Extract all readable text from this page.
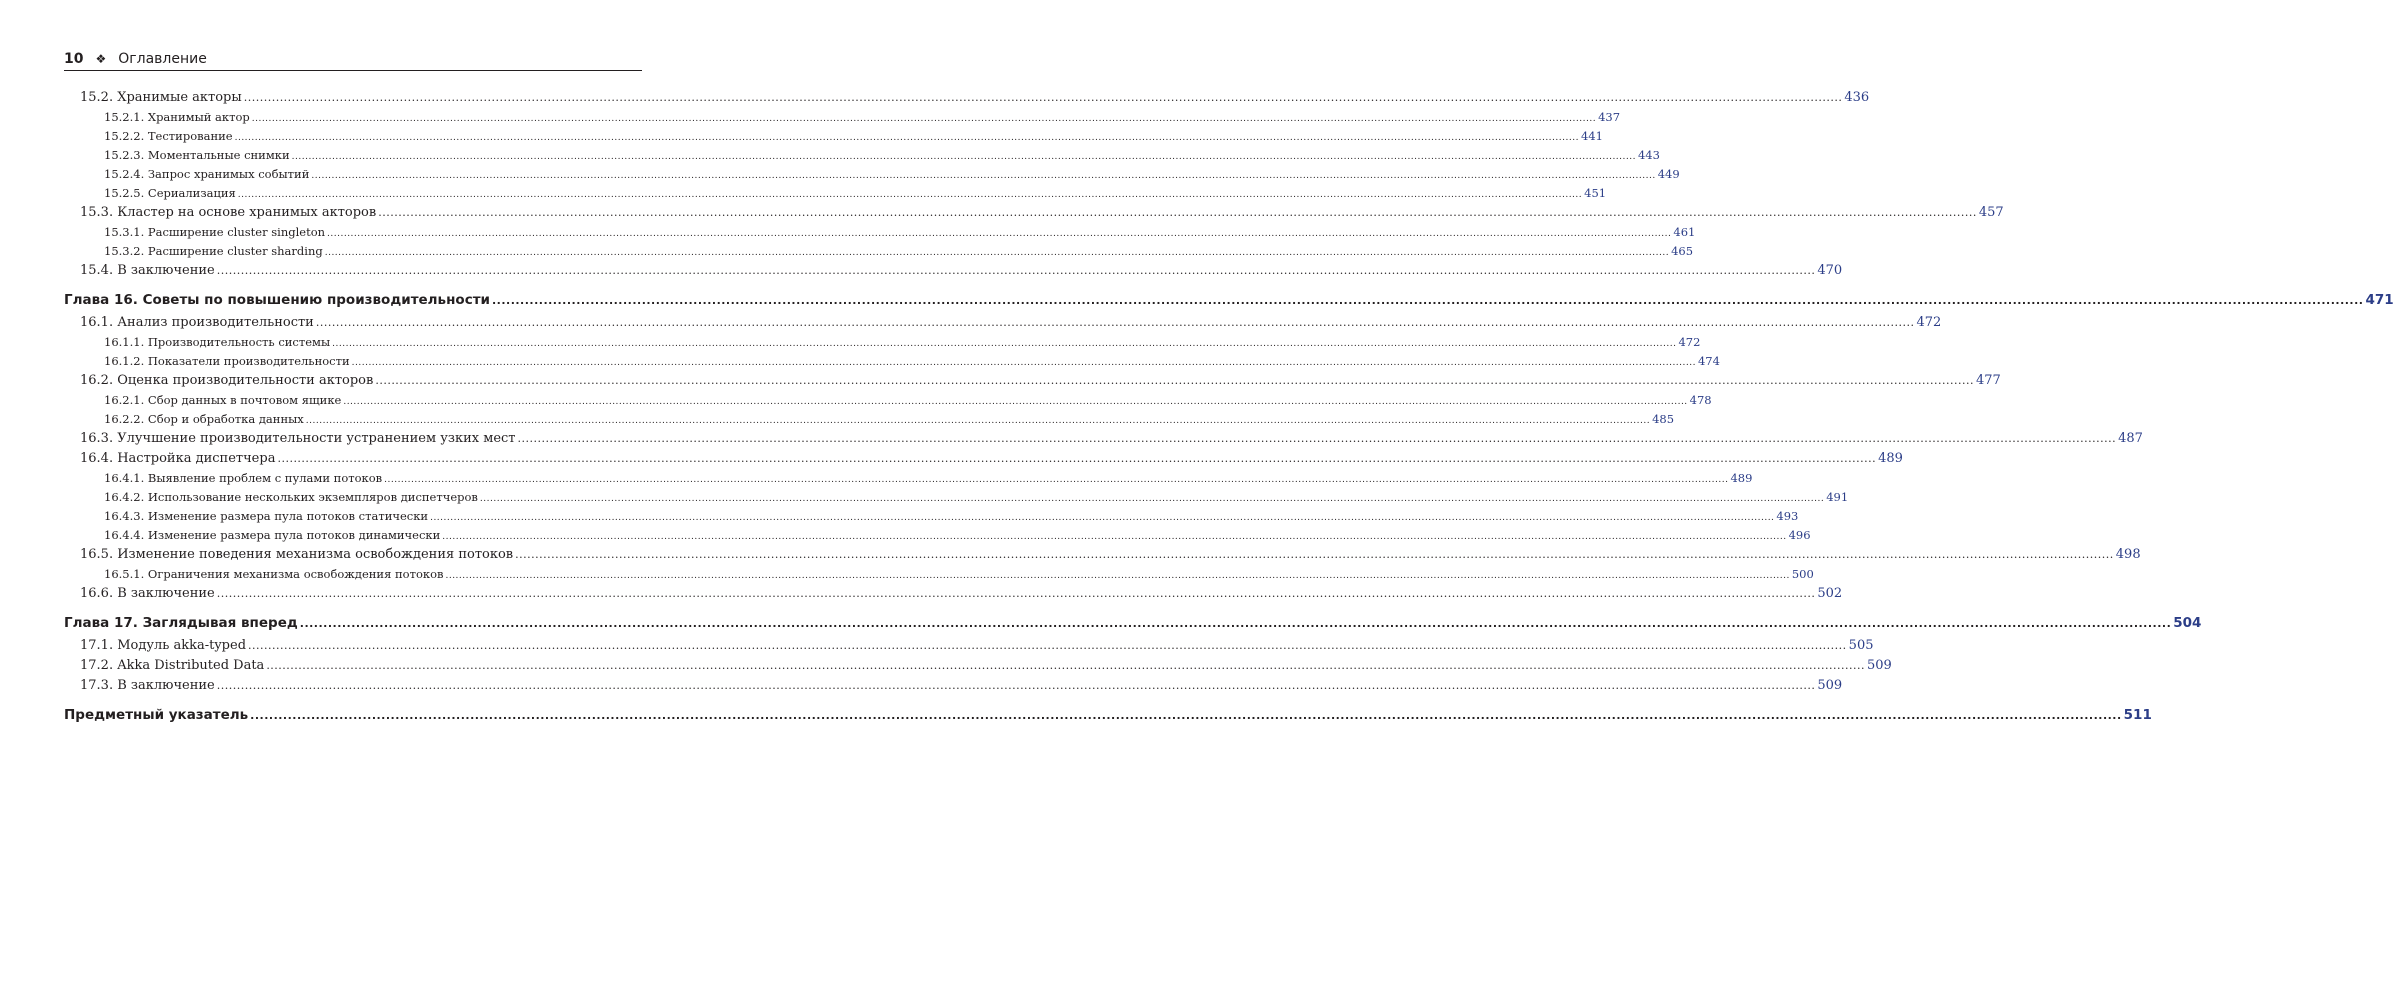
10 ❖ Оглавление
15.2. Хранимые акторы ................................................................................................................................................................................................................................................................................................................................................................................................................ 436
15.2.1. Хранимый актор ................................................................................................................................................................................................................................................................................................................................................................................................................ 437
15.2.2. Тестирование ................................................................................................................................................................................................................................................................................................................................................................................................................ 441
15.2.3. Моментальные снимки ................................................................................................................................................................................................................................................................................................................................................................................................................ 443
15.2.4. Запрос хранимых событий ................................................................................................................................................................................................................................................................................................................................................................................................................ 449
15.2.5. Сериализация ................................................................................................................................................................................................................................................................................................................................................................................................................ 451
15.3. Кластер на основе хранимых акторов ................................................................................................................................................................................................................................................................................................................................................................................................................ 457
15.3.1. Расширение cluster singleton ................................................................................................................................................................................................................................................................................................................................................................................................................ 461
15.3.2. Расширение cluster sharding ................................................................................................................................................................................................................................................................................................................................................................................................................ 465
15.4. В заключение ................................................................................................................................................................................................................................................................................................................................................................................................................ 470
Глава 16. Советы по повышению производительности ................................................................................................................................................................................................................................................................................................................................................................................................................ 471
16.1. Анализ производительности ................................................................................................................................................................................................................................................................................................................................................................................................................ 472
16.1.1. Производительность системы ................................................................................................................................................................................................................................................................................................................................................................................................................ 472
16.1.2. Показатели производительности ................................................................................................................................................................................................................................................................................................................................................................................................................ 474
16.2. Оценка производительности акторов ................................................................................................................................................................................................................................................................................................................................................................................................................ 477
16.2.1. Сбор данных в почтовом ящике ................................................................................................................................................................................................................................................................................................................................................................................................................ 478
16.2.2. Сбор и обработка данных ................................................................................................................................................................................................................................................................................................................................................................................................................ 485
16.3. Улучшение производительности устранением узких мест ................................................................................................................................................................................................................................................................................................................................................................................................................ 487
16.4. Настройка диспетчера ................................................................................................................................................................................................................................................................................................................................................................................................................ 489
16.4.1. Выявление проблем с пулами потоков ................................................................................................................................................................................................................................................................................................................................................................................................................ 489
16.4.2. Использование нескольких экземпляров диспетчеров ................................................................................................................................................................................................................................................................................................................................................................................................................ 491
16.4.3. Изменение размера пула потоков статически ................................................................................................................................................................................................................................................................................................................................................................................................................ 493
16.4.4. Изменение размера пула потоков динамически ................................................................................................................................................................................................................................................................................................................................................................................................................ 496
16.5. Изменение поведения механизма освобождения потоков ................................................................................................................................................................................................................................................................................................................................................................................................................ 498
16.5.1. Ограничения механизма освобождения потоков ................................................................................................................................................................................................................................................................................................................................................................................................................ 500
16.6. В заключение ................................................................................................................................................................................................................................................................................................................................................................................................................ 502
Глава 17. Заглядывая вперед ................................................................................................................................................................................................................................................................................................................................................................................................................ 504
17.1. Модуль akka-typed ................................................................................................................................................................................................................................................................................................................................................................................................................ 505
17.2. Akka Distributed Data ................................................................................................................................................................................................................................................................................................................................................................................................................ 509
17.3. В заключение ................................................................................................................................................................................................................................................................................................................................................................................................................ 509
Предметный указатель ................................................................................................................................................................................................................................................................................................................................................................................................................ 511
